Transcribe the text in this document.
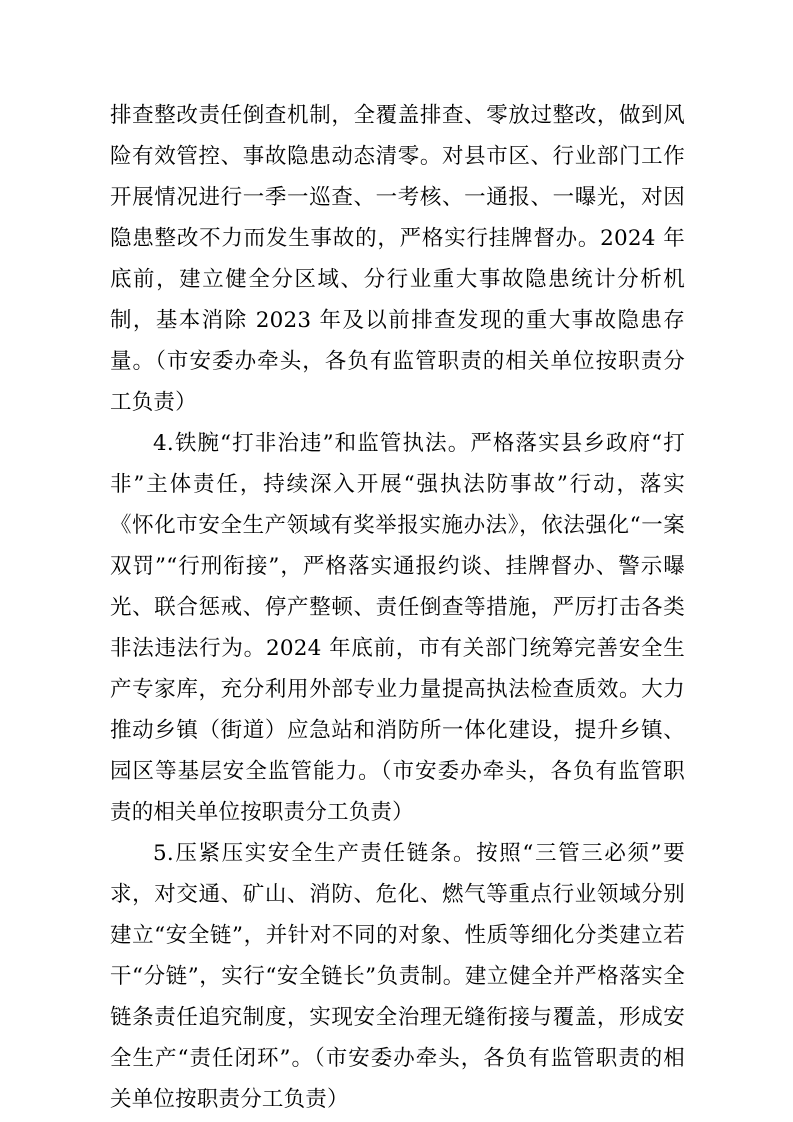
排查整改责任倒查机制，全覆盖排查、零放过整改，做到风险有效管控、事故隐患动态清零。对县市区、行业部门工作开展情况进行一季一巡查、一考核、一通报、一曝光，对因隐患整改不力而发生事故的，严格实行挂牌督办。2024 年底前，建立健全分区域、分行业重大事故隐患统计分析机制，基本消除 2023 年及以前排查发现的重大事故隐患存量。（市安委办牵头，各负有监管职责的相关单位按职责分工负责）

4.铁腕“打非治违”和监管执法。严格落实县乡政府“打非”主体责任，持续深入开展“强执法防事故”行动，落实《怀化市安全生产领域有奖举报实施办法》，依法强化“一案双罚”“行刑衔接”，严格落实通报约谈、挂牌督办、警示曝光、联合惩戒、停产整顿、责任倒查等措施，严厉打击各类非法违法行为。2024 年底前，市有关部门统筹完善安全生产专家库，充分利用外部专业力量提高执法检查质效。大力推动乡镇（街道）应急站和消防所一体化建设，提升乡镇、园区等基层安全监管能力。（市安委办牵头，各负有监管职责的相关单位按职责分工负责）

5.压紧压实安全生产责任链条。按照“三管三必须”要求，对交通、矿山、消防、危化、燃气等重点行业领域分别建立“安全链”，并针对不同的对象、性质等细化分类建立若干“分链”，实行“安全链长”负责制。建立健全并严格落实全链条责任追究制度，实现安全治理无缝衔接与覆盖，形成安全生产“责任闭环”。（市安委办牵头，各负有监管职责的相关单位按职责分工负责）
